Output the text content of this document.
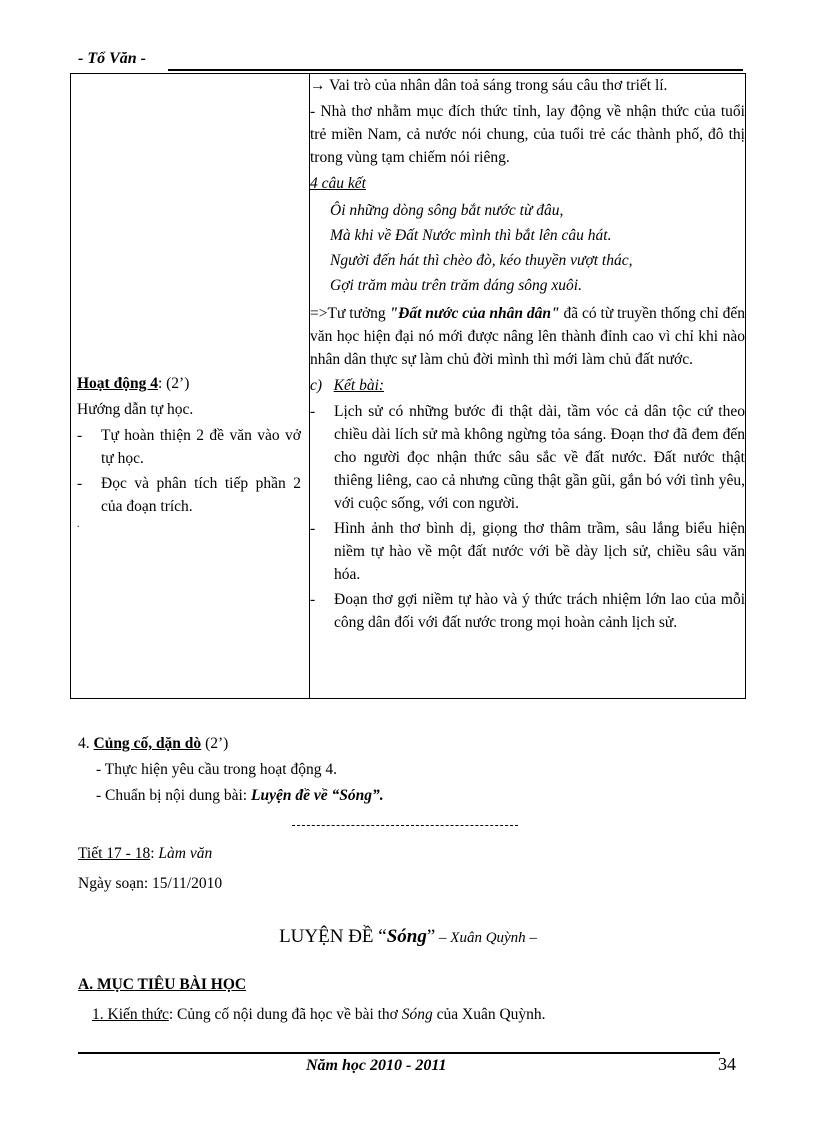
- Tổ Văn -
Hoạt động 4: (2’)
Hướng dẫn tự học.
-	Tự hoàn thiện 2 đề văn vào vở tự học.
-	Đọc và phân tích tiếp phần 2 của đoạn trích.
.

→ Vai trò của nhân dân toả sáng trong sáu câu thơ triết lí.
- Nhà thơ nhằm mục đích thức tỉnh, lay động về nhận thức của tuổi trẻ miền Nam, cả nước nói chung, của tuổi trẻ các thành phố, đô thị trong vùng tạm chiếm nói riêng.
4 câu kết
Ôi những dòng sông bắt nước từ đâu,
Mà khi về Đất Nước mình thì bắt lên câu hát.
Người đến hát thì chèo đò, kéo thuyền vượt thác,
Gợi trăm màu trên trăm dáng sông xuôi.
=>Tư tưởng "Đất nước của nhân dân" đã có từ truyền thống chỉ đến văn học hiện đại nó mới được nâng lên thành đỉnh cao vì chỉ khi nào nhân dân thực sự làm chủ đời mình thì mới làm chủ đất nước.
c) Kết bài:
-	Lịch sử có những bước đi thật dài, tầm vóc cả dân tộc cứ theo chiều dài lích sử mà không ngừng tỏa sáng. Đoạn thơ đã đem đến cho người đọc nhận thức sâu sắc về đất nước. Đất nước thật thiêng liêng, cao cả nhưng cũng thật gần gũi, gắn bó với tình yêu, với cuộc sống, với con người.
-	Hình ảnh thơ bình dị, giọng thơ thâm trầm, sâu lắng biểu hiện niềm tự hào về một đất nước với bề dày lịch sử, chiều sâu văn hóa.
-	Đoạn thơ gợi niềm tự hào và ý thức trách nhiệm lớn lao của mỗi công dân đối với đất nước trong mọi hoàn cảnh lịch sử.
4. Củng cố, dặn dò (2’)
- Thực hiện yêu cầu trong hoạt động 4.
- Chuẩn bị nội dung bài: Luyện đề về “Sóng”.
Tiết 17 - 18: Làm văn
Ngày soạn: 15/11/2010
LUYỆN ĐỀ “Sóng” – Xuân Quỳnh –
A. MỤC TIÊU BÀI HỌC
1. Kiến thức: Củng cố nội dung đã học về bài thơ Sóng của Xuân Quỳnh.
Năm học 2010 - 2011	34
